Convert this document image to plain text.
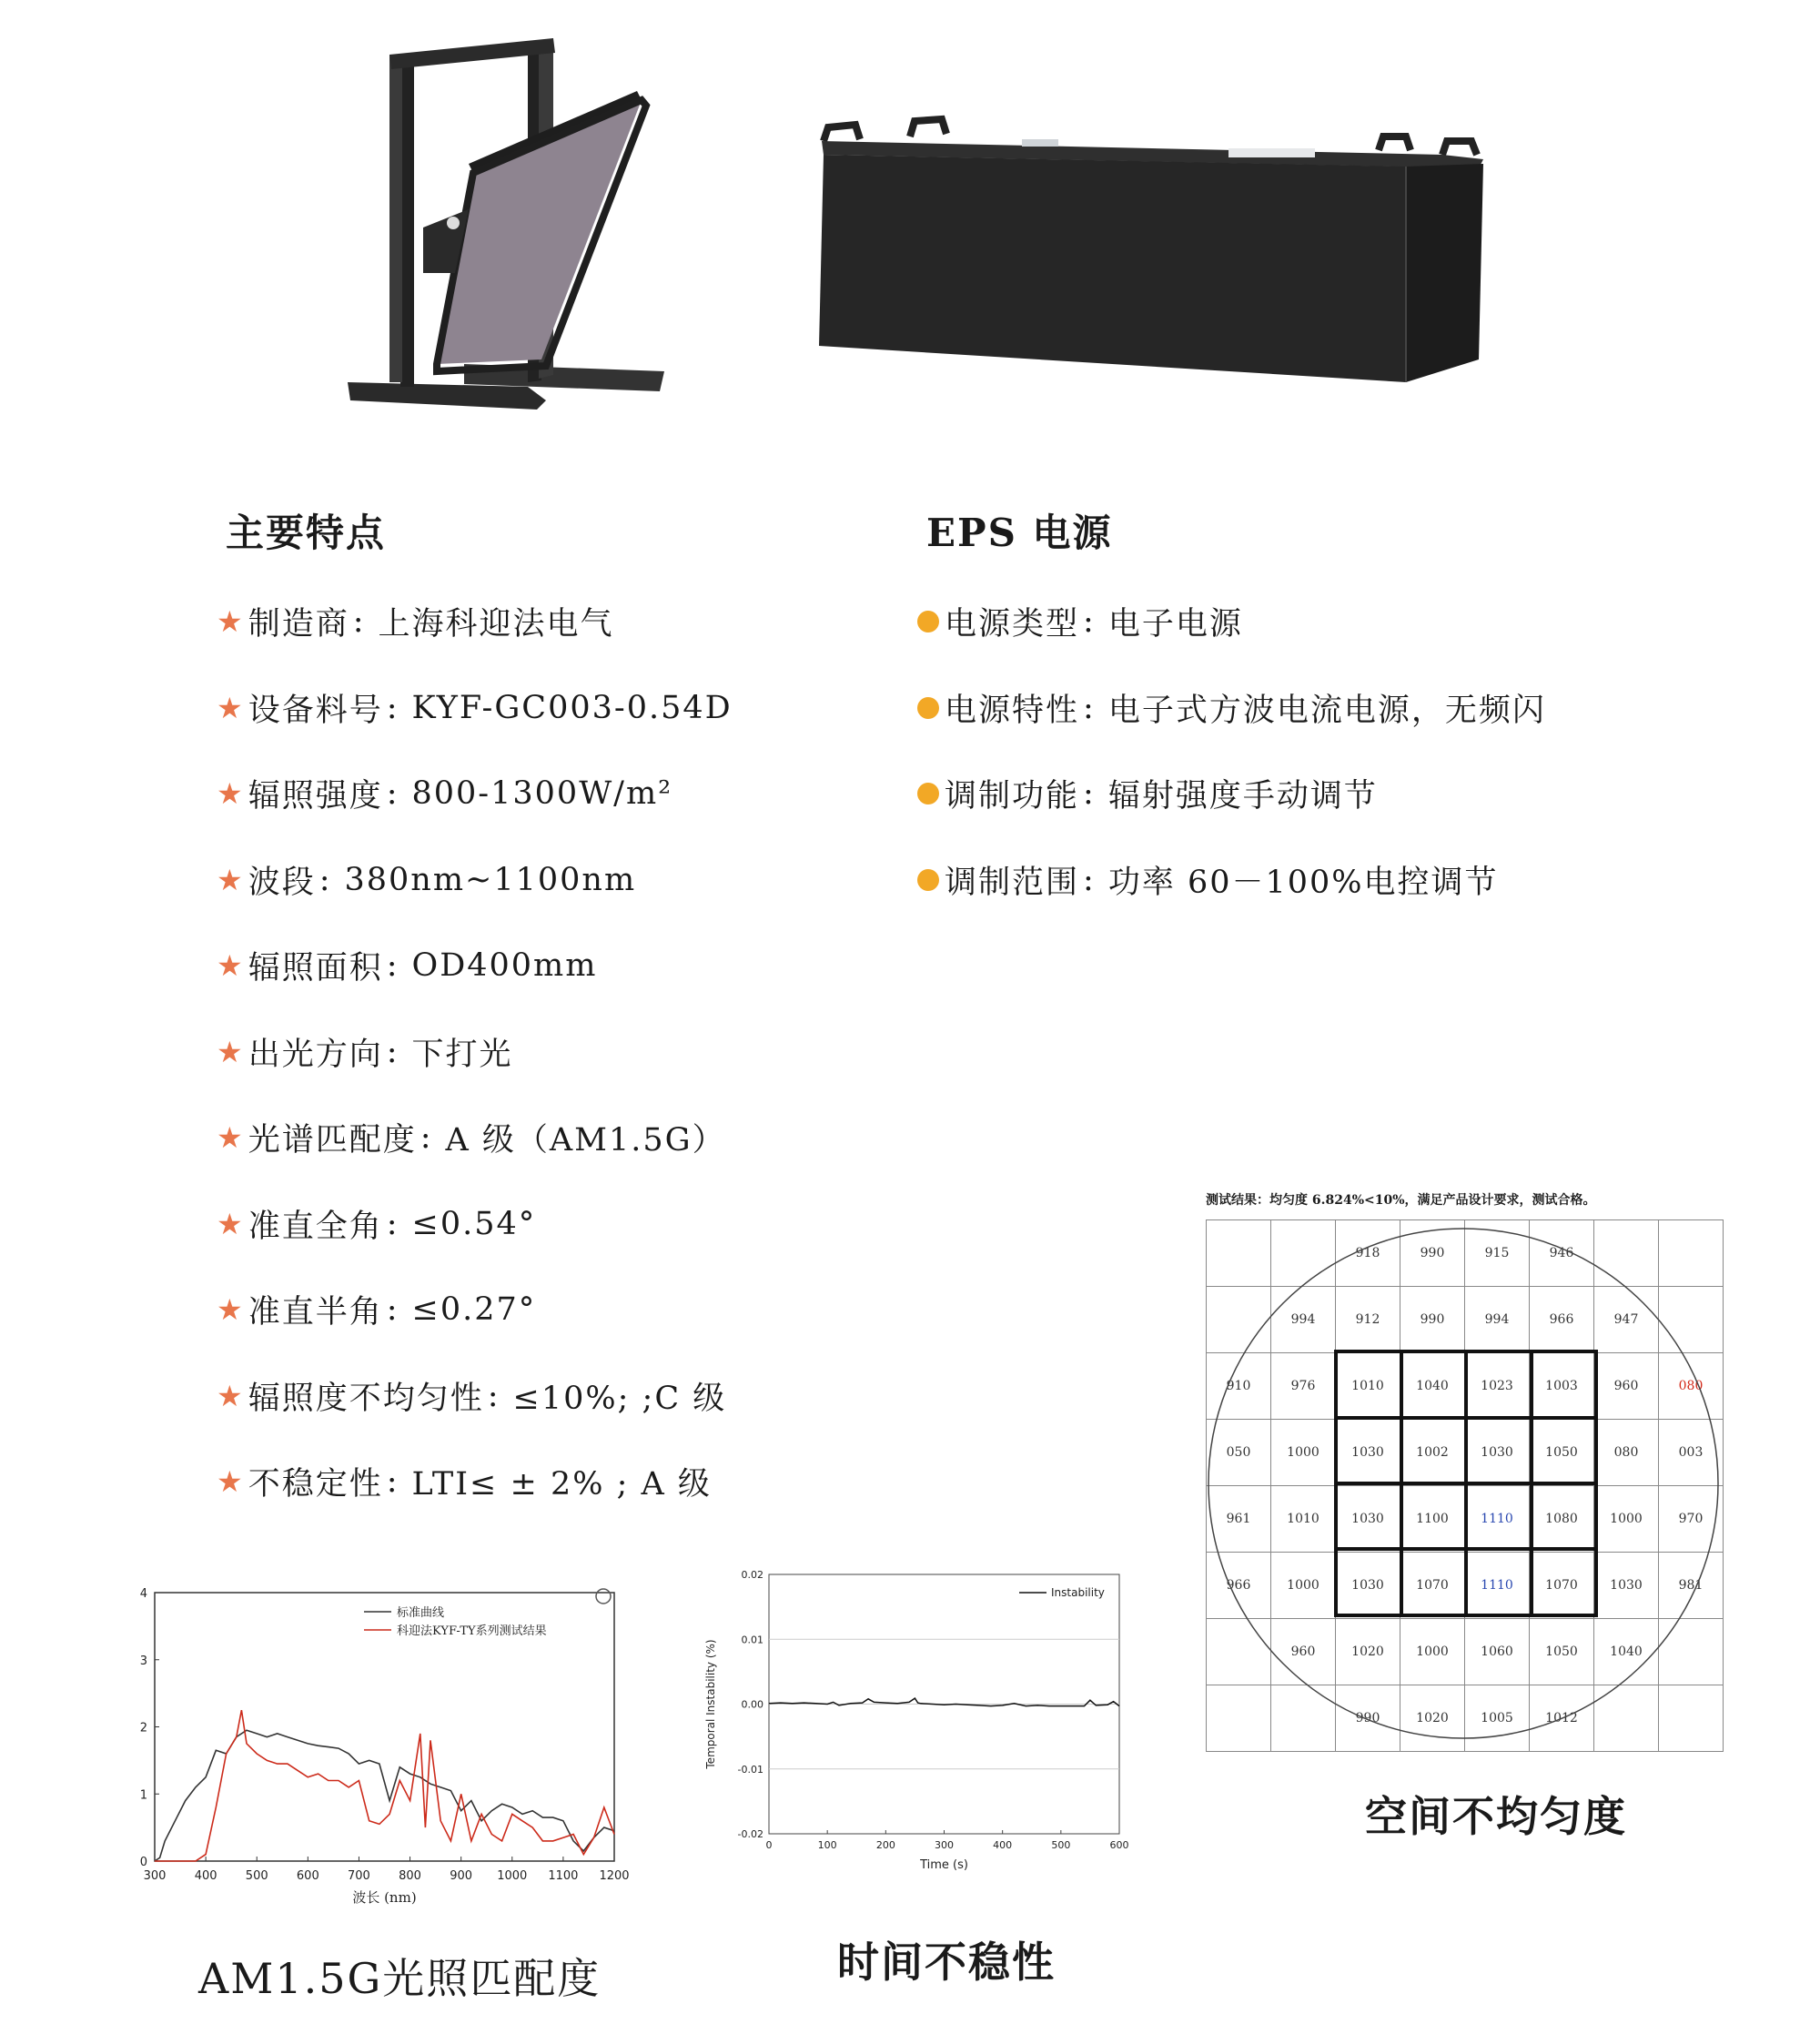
主要特点
★ 制造商 : 上海科迎法电气
★ 设备料号 : KYF-GC003-0.54D
★ 辐照强度 : 800-1300W/m²
★ 波段 : 380nm~1100nm
★ 辐照面积 : OD400mm
★ 出光方向 : 下打光
★ 光谱匹配度 : A 级（AM1.5G）
★ 准直全角 : ≤0.54°
★ 准直半角 : ≤0.27°
★ 辐照度不均匀性 : ≤10%; ;C 级
★ 不稳定性 : LTI≤ ± 2% ; A 级
EPS 电源
电源类型 : 电子电源
电源特性 : 电子式方波电流电源，无频闪
调制功能 : 辐射强度手动调节
调制范围 : 功率 60－100%电控调节
测试结果：均匀度 6.824%<10%，满足产品设计要求，测试合格。
		918	990	915	946		
	994	912	990	994	966	947	
910	976	1010	1040	1023	1003	960	080
050	1000	1030	1002	1030	1050	080	003
961	1010	1030	1100	1110	1080	1000	970
966	1000	1030	1070	1110	1070	1030	981
	960	1020	1000	1060	1050	1040	
		990	1020	1005	1012		
空间不均匀度
300 400 500 600 700 800 900 1000 1100 1200
0
1
2
3
4
波长 (nm)
标准曲线
科迎法KYF-TY系列测试结果
AM1.5G光照匹配度
-0.02
-0.01
0.00
0.01
0.02
0	100	200	300	400	500	600
Time (s)
Temporal Instability (%)
Instability
时间不稳性
